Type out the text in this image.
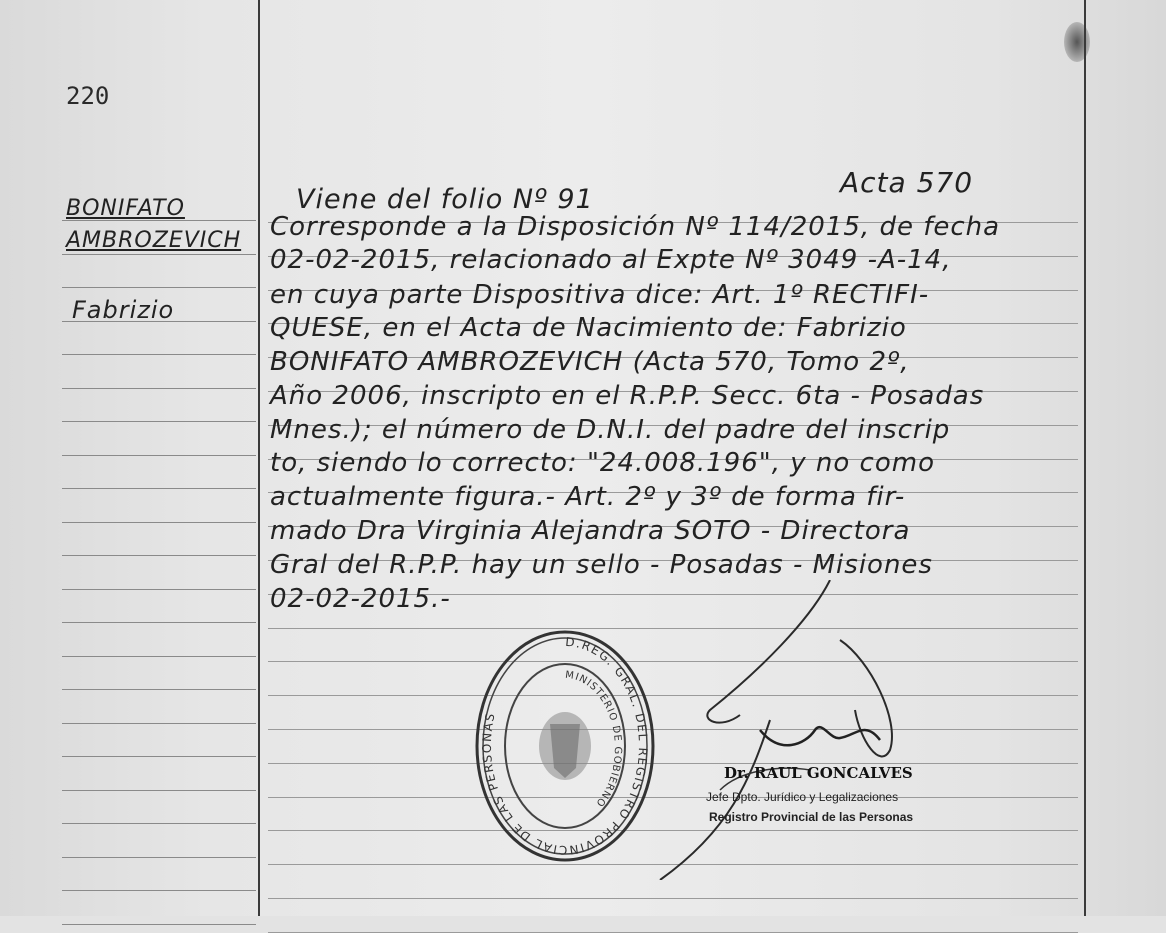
220
BONIFATO
AMBROZEVICH
Fabrizio
Viene del folio Nº 91
Acta 570
Corresponde a la Disposición Nº 114/2015, de fecha
02-02-2015, relacionado al Expte Nº 3049 -A-14,
en cuya parte Dispositiva dice: Art. 1º RECTIFI-
QUESE, en el Acta de Nacimiento de: Fabrizio
BONIFATO AMBROZEVICH (Acta 570, Tomo 2º,
Año 2006, inscripto en el R.P.P. Secc. 6ta - Posadas
Mnes.); el número de D.N.I. del padre del inscrip
to, siendo lo correcto: "24.008.196", y no como
actualmente figura.- Art. 2º y 3º de forma fir-
mado Dra Virginia Alejandra SOTO - Directora
Gral del R.P.P. hay un sello - Posadas - Misiones
02-02-2015.-
D.REG. GRAL. DEL REGISTRO PROVINCIAL DE LAS PERSONAS
MINISTERIO DE GOBIERNO
Dr. RAUL GONCALVES
Jefe Dpto. Jurídico y Legalizaciones
Registro Provincial de las Personas
